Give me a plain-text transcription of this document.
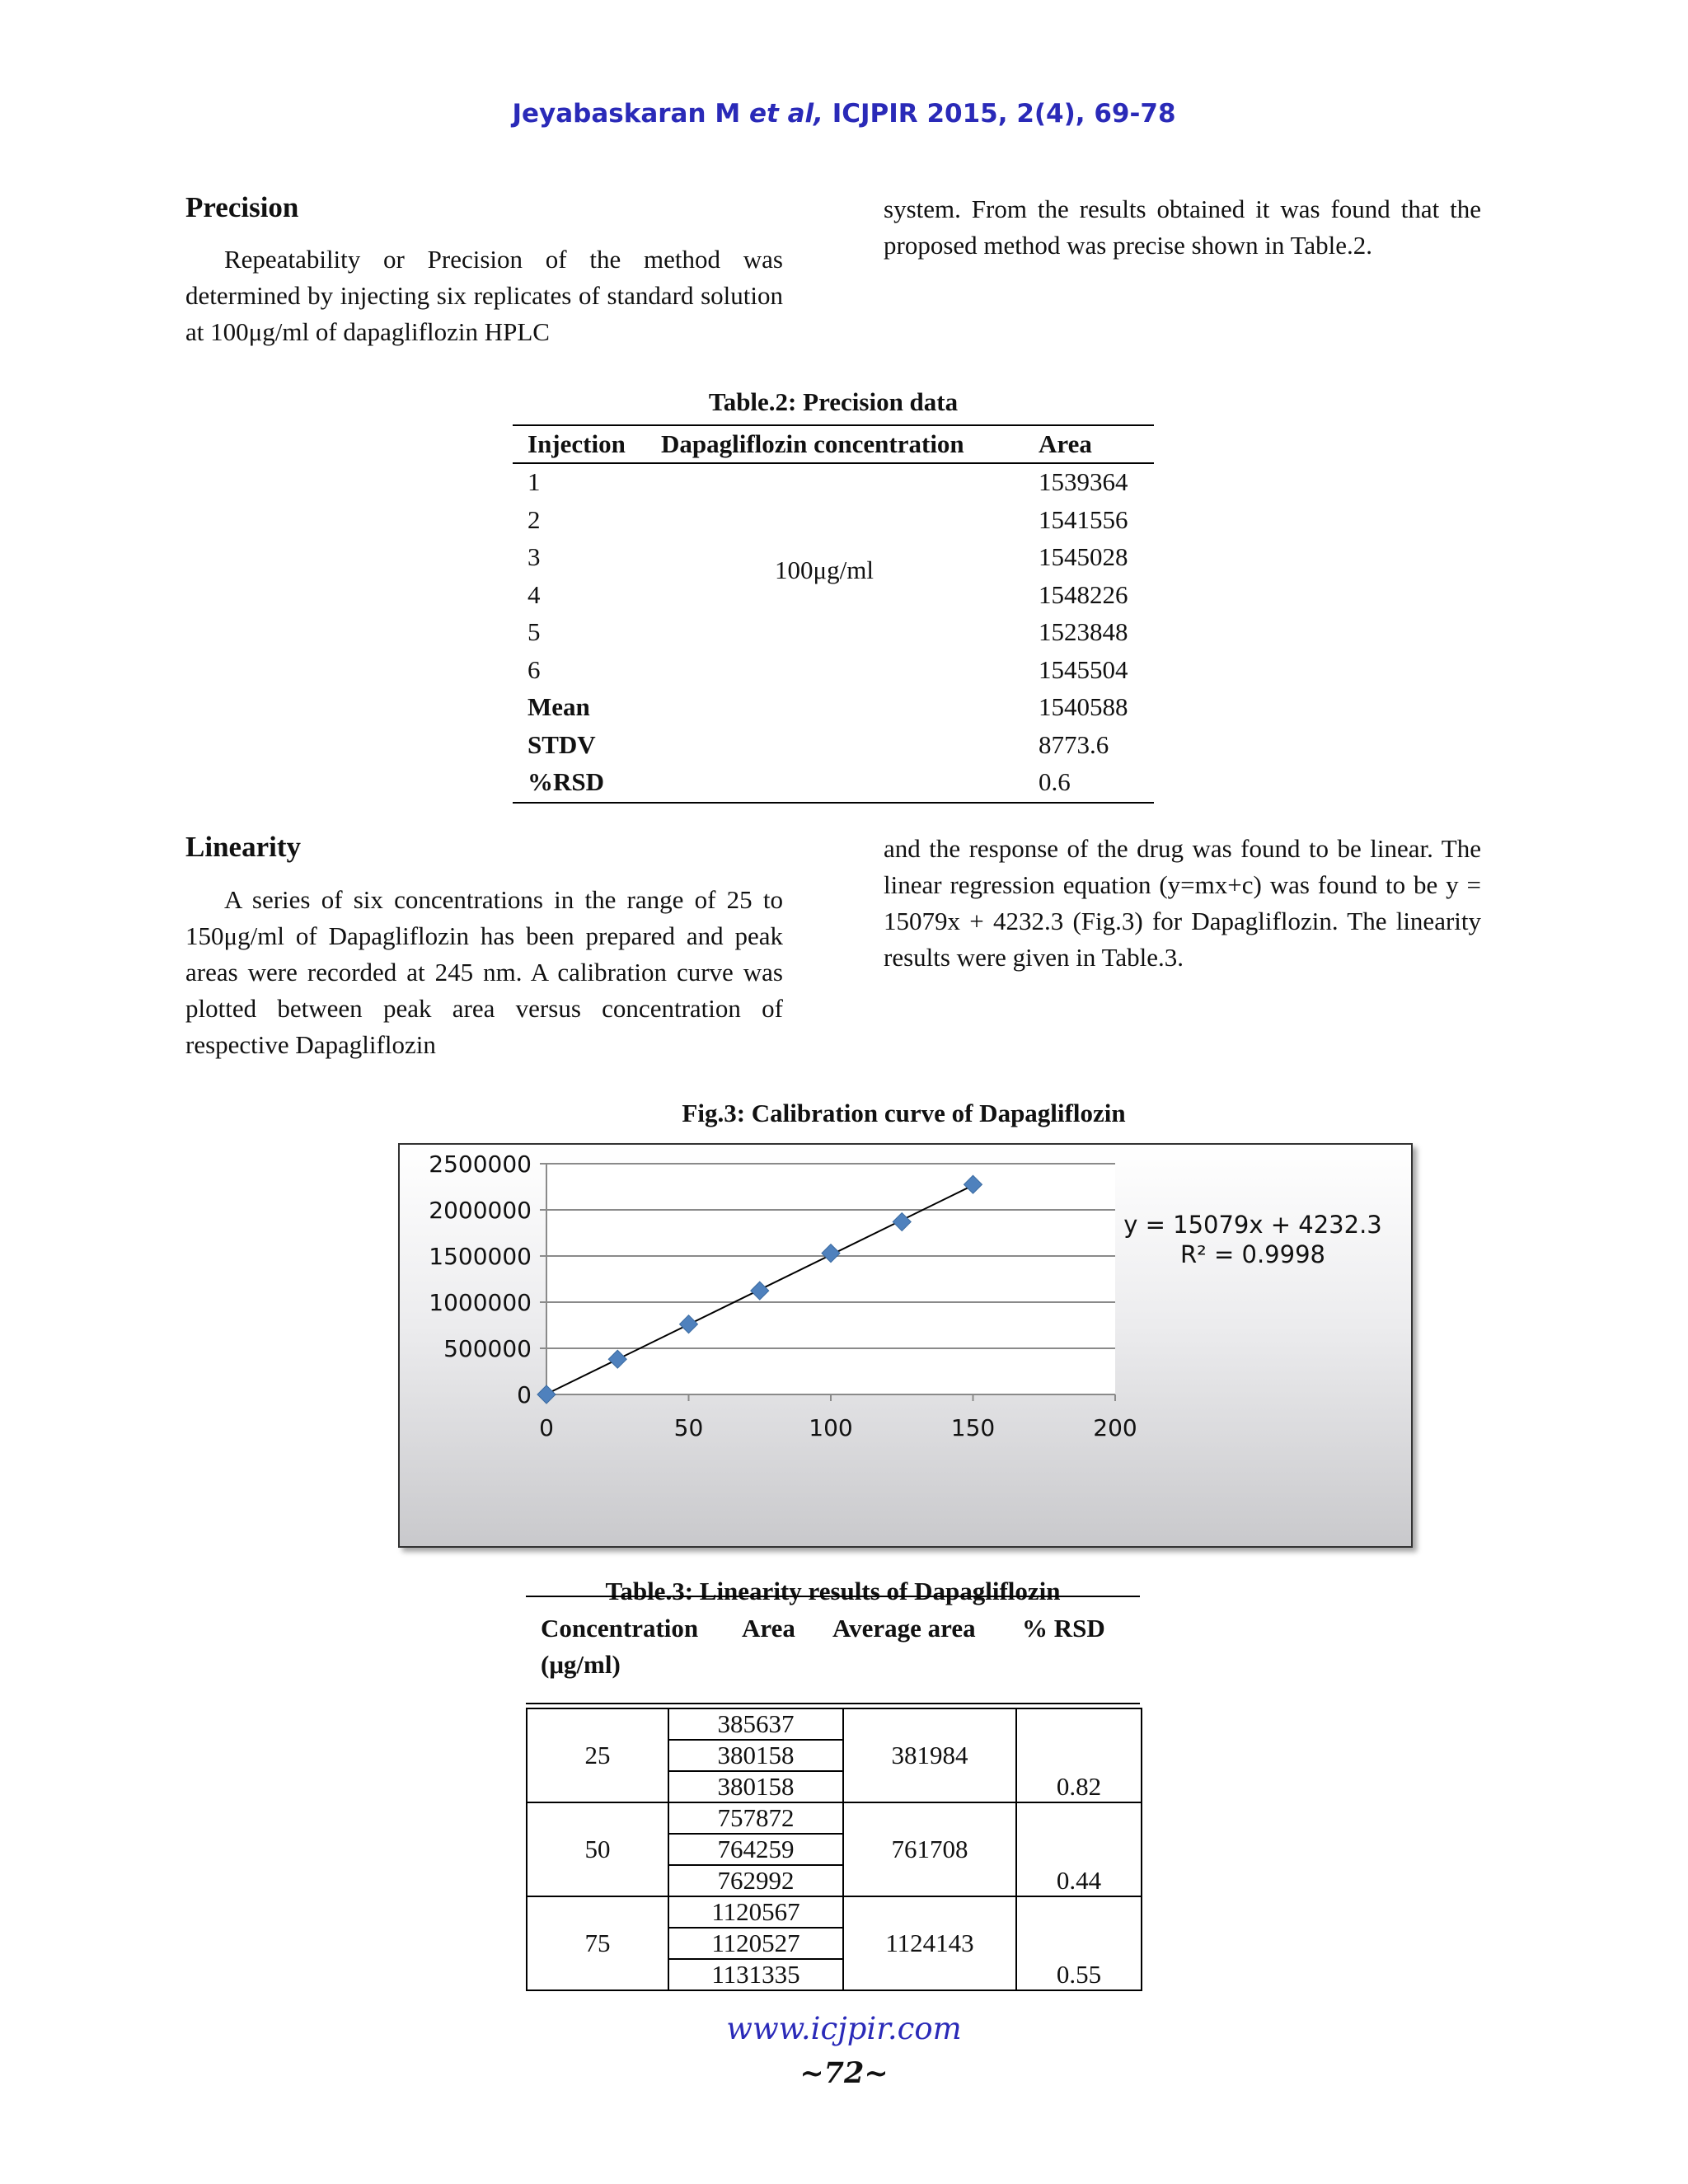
Jeyabaskaran M et al, ICJPIR 2015, 2(4), 69-78
Precision
Repeatability or Precision of the method was determined by injecting six replicates of standard solution at 100μg/ml of dapagliflozin HPLC
system. From the results obtained it was found that the proposed method was precise shown in Table.2.
Table.2: Precision data
Injection Dapagliflozin concentration	Area
1	1539364
2	1541556
3	1545028
4	1548226
5	1523848
6	1545504
Mean	1540588
STDV	8773.6
%RSD	0.6
100μg/ml
Linearity
A series of six concentrations in the range of 25 to 150μg/ml of Dapagliflozin has been prepared and peak areas were recorded at 245 nm. A calibration curve was plotted between peak area versus concentration of respective Dapagliflozin
and the response of the drug was found to be linear. The linear regression equation (y=mx+c) was found to be y = 15079x + 4232.3 (Fig.3) for Dapagliflozin. The linearity results were given in Table.3.
Fig.3: Calibration curve of Dapagliflozin
0
500000
1000000
1500000
2000000
2500000
0	50	100	150	200
y = 15079x + 4232.3
R² = 0.9998
Table.3: Linearity results of Dapagliflozin
Concentration
(μg/ml)
Area Average area % RSD
25	385637	381984	0.82
	380158		
	380158		
50	757872	761708	0.44
	764259		
	762992		
75	1120567	1124143	0.55
	1120527		
	1131335		
www.icjpir.com
~72~
